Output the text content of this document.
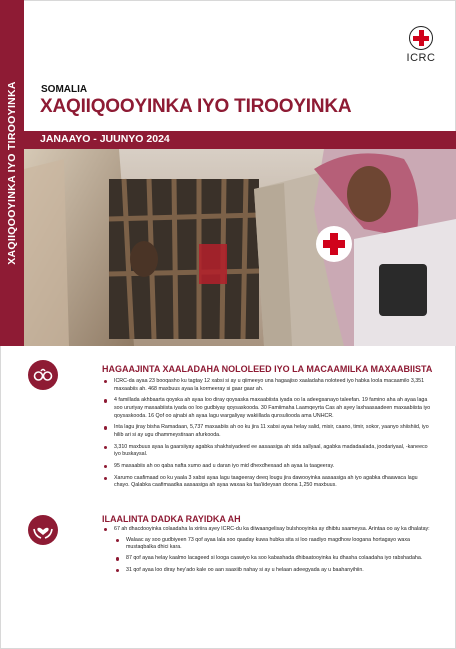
XAQIIQOOYINKA IYO TIROOYINKA
ICRC
SOMALIA
XAQIIQOOYINKA IYO TIROOYINKA
JANAAYO - JUUNYO 2024
HAGAAJINTA XAALADAHA NOLOLEED IYO LA MACAAMILKA MAXAABIISTA
ICRC-da ayaa 23 booqasho ku tagtay 12 xabsi si ay u qiimeeyo una hagaajiso xaaladaha noloteed iyo habka loola macaamilo 3,351 maxaabiis ah. 468 maxbuus ayaa la kormeeray si gaar gaar ah.
4 famillada akhbaarta qoyska ah ayaa loo diray qoysaska maxaabiista iyada oo la adeegsanayo taleefan. 19 famino aha ah ayaa laga soo ururiyay maxaabiista iyada oo loo gudbiyay qoysaskooda. 30 Famiimaha Laamqeyrta Cas ah ayey laxhaasaadeen maxaabiista iyo qoysaskooda. 16 Qof oo ajnabi ah ayaa lagu wargaliyay wakiillada qunsuliooda ama UNHCR.
Inta lagu jiray bisha Ramadaan, 5,737 maxaabiis ah oo ku jira 11 xabsi ayaa helay salid, misir, caano, timir, sokor, yaanyo shiishiid, iyo hilib ari si ay ugu dhammeystiraan afurkooda.
3,310 maxbuus ayaa la gaarsiiyay agabka shakhsiyadeed ee aasaasiga ah sida sallyaal, agabka madadaalada, joodariyaal, -kaneeco iyo buskaysal.
95 maxaabiis ah oo qaba nafta xumo aad u daran iyo mid dhexdhexaad ah ayaa la taageeray.
Xarumo caafimaad oo ku yaala 3 xabsi ayaa lagu taageeray deeq lougu jira dawooyinka aasaasiga ah iyo agabka dhaawaca lagu chayo. Qalabka caafimaadka aasaasiga ah ayaa waxaa ka faa'iideysan doona 1,250 maxbuus.
ILAALINTA DADKA RAYIDKA AH
67 ah dhacdooyinka colaadaha la xiriira ayey ICRC-du ka diiwaangelisay bulshooyinka ay dhibtu saameysa. Arintaa oo ay ka dhalatay:
Walaac ay soo gudbiyeen 73 qof ayaa lala soo qaaday kuwa hubka sita si loo raadiyo magdhow loogana hortagayo waxa mustaqbalka dhici kara.
87 qof ayaa helay kaalmo lacageed si looga caawiyo ka soo kabashada dhibaatooyinka ku dhasha colaadaha iyo rabshadaha.
31 qof ayaa loo diray hey'ado kale oo aan saaxiib nahay si ay u helaan adeegyada ay u baahanyihiin.
